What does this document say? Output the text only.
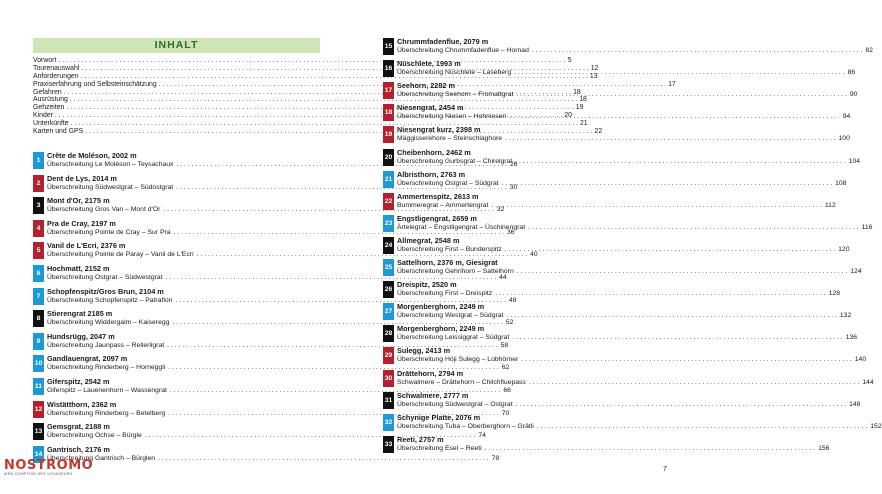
INHALT
Vorwort . . .	5
Tourenauswahl . . .	12
Anforderungen . . .	13
Praxiserfahrung und Selbsteinschätzung . . .	17
Gefahren . . .	18
Ausrüstung . . .	18
Gehzeiten . . .	19
Kinder . . .	20
Unterkünfte . . .	21
Karten und GPS . . .	22
1
Crête de Moléson, 2002 m
Überschreitung Le Moléson – Teysachaux . . .	26
2
Dent de Lys, 2014 m
Überschreitung Südwestgrat – Südostgrat . . .	30
3
Mont d'Or, 2175 m
Überschreitung Gros Van – Mont d'Or . . .	32
4
Pra de Cray, 2197 m
Überschreitung Pointe de Cray – Sur Pra . . .	36
5
Vanil de L'Ecri, 2376 m
Überschreitung Pointe de Paray – Vanil de L'Ecri . . .	40
6
Hochmatt, 2152 m
Überschreitung Ostgrat – Südwestgrat . . .	44
7
Schopfenspitz/Gros Brun, 2104 m
Überschreitung Schopfenspitz – Patraflon . . .	48
8
Stierengrat 2185 m
Überschreitung Widdergalm – Kaiseregg . . .	52
9
Hundsrügg, 2047 m
Überschreitung Jaunpass – Rellerligrat . . .	58
10
Gandlauengrat, 2097 m
Überschreitung Rinderberg – Horneggli . . .	62
11
Giferspitz, 2542 m
Giferspitz – Lauenenhorn – Wassengrat . . .	66
12
Wistätthorn, 2362 m
Überschreitung Rinderberg – Betelberg . . .	70
13
Gemsgrat, 2188 m
Überschreitung Ochse – Bürgle . . .	74
14
Gantrisch, 2176 m
Überschreitung Gantrisch – Bürglen . . .	78
15
Chrummfadenflue, 2079 m
Überschreitung Chrummfadenflue – Hornad . . .	82
16
Nüschlete, 1993 m
Überschreitung Nüschlete – Laseberg . . .	86
17
Seehorn, 2282 m
Überschreitung Seehorn – Fromattgrat . . .	90
18
Niesengrat, 2454 m
Überschreitung Niesen – Hohniesen . . .	94
19
Niesengrat kurz, 2398 m
Mäggisserehore – Steinschlaghore . . .	100
20
Cheibenhorn, 2462 m
Überschreitung Gurbsgrat – Chirelgrat . . .	104
21
Albristhorn, 2763 m
Überschreitung Ostgrat – Südgrat . . .	108
22
Ammertenspitz, 2613 m
Bummeregrat – Ammertengrat . . .	112
23
Engstligengrat, 2659 m
Ärtelegrat – Engstligengrat – Üschinengrat . . .	116
24
Allmegrat, 2548 m
Überschreitung First – Bunderspitz . . .	120
25
Sattelhorn, 2376 m, Giesigrat
Überschreitung Gehrihorn – Sattelhorn . . .	124
26
Dreispitz, 2520 m
Überschreitung First – Dreispitz . . .	128
27
Morgenberghorn, 2249 m
Überschreitung Westgrat – Südgrat . . .	132
28
Morgenberghorn, 2249 m
Überschreitung Leissiggrat – Südgrat . . .	136
29
Sulegg, 2413 m
Überschreitung Höji Sulegg – Lobhörner . . .	140
30
Drättehorn, 2794 m
Schwalmere – Drättehorn – Chilchfluepass . . .	144
31
Schwalmere, 2777 m
Überschreitung Südwestgrat – Ostgrat . . .	148
32
Schynige Platte, 2076 m
Überschreitung Tuba – Oberberghorn – Grätli . . .	152
33
Reeti, 2757 m
Überschreitung Esel – Reeti . . .	156
7
NOSTROMO
WEB-COMPTOIR DES VOYAGEURS
